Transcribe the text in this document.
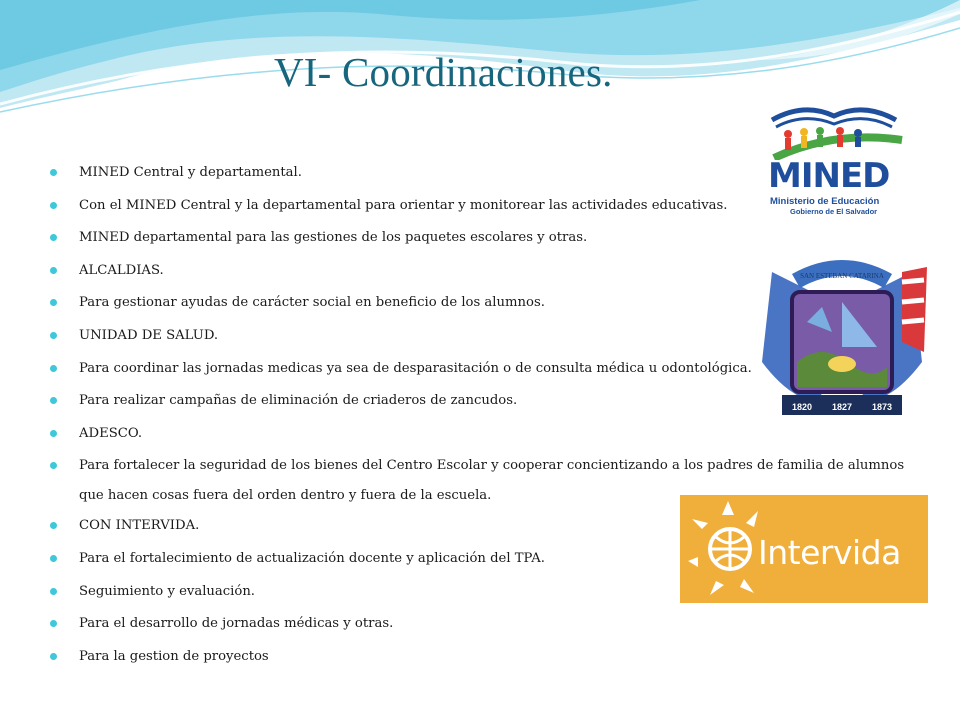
VI- Coordinaciones.
MINED Central y departamental.
Con el MINED Central y la departamental para orientar y monitorear las actividades educativas.
MINED departamental para las gestiones de los paquetes escolares y otras.
ALCALDIAS.
Para gestionar ayudas de carácter social en beneficio de los alumnos.
UNIDAD DE SALUD.
Para coordinar las jornadas medicas ya sea de desparasitación o de consulta médica u odontológica.
Para realizar campañas de eliminación de criaderos de zancudos.
ADESCO.
Para fortalecer la seguridad de los bienes del Centro Escolar y cooperar concientizando a los padres de familia de alumnos que hacen cosas fuera del orden dentro y fuera de la escuela.
CON INTERVIDA.
Para el fortalecimiento de actualización docente y aplicación del TPA.
Seguimiento y evaluación.
Para el desarrollo de jornadas médicas y otras.
Para la gestion de proyectos
MINED
Ministerio de Educación
Gobierno de El Salvador
SAN ESTEBAN CATARINA
1820 1827 1873
Intervida
